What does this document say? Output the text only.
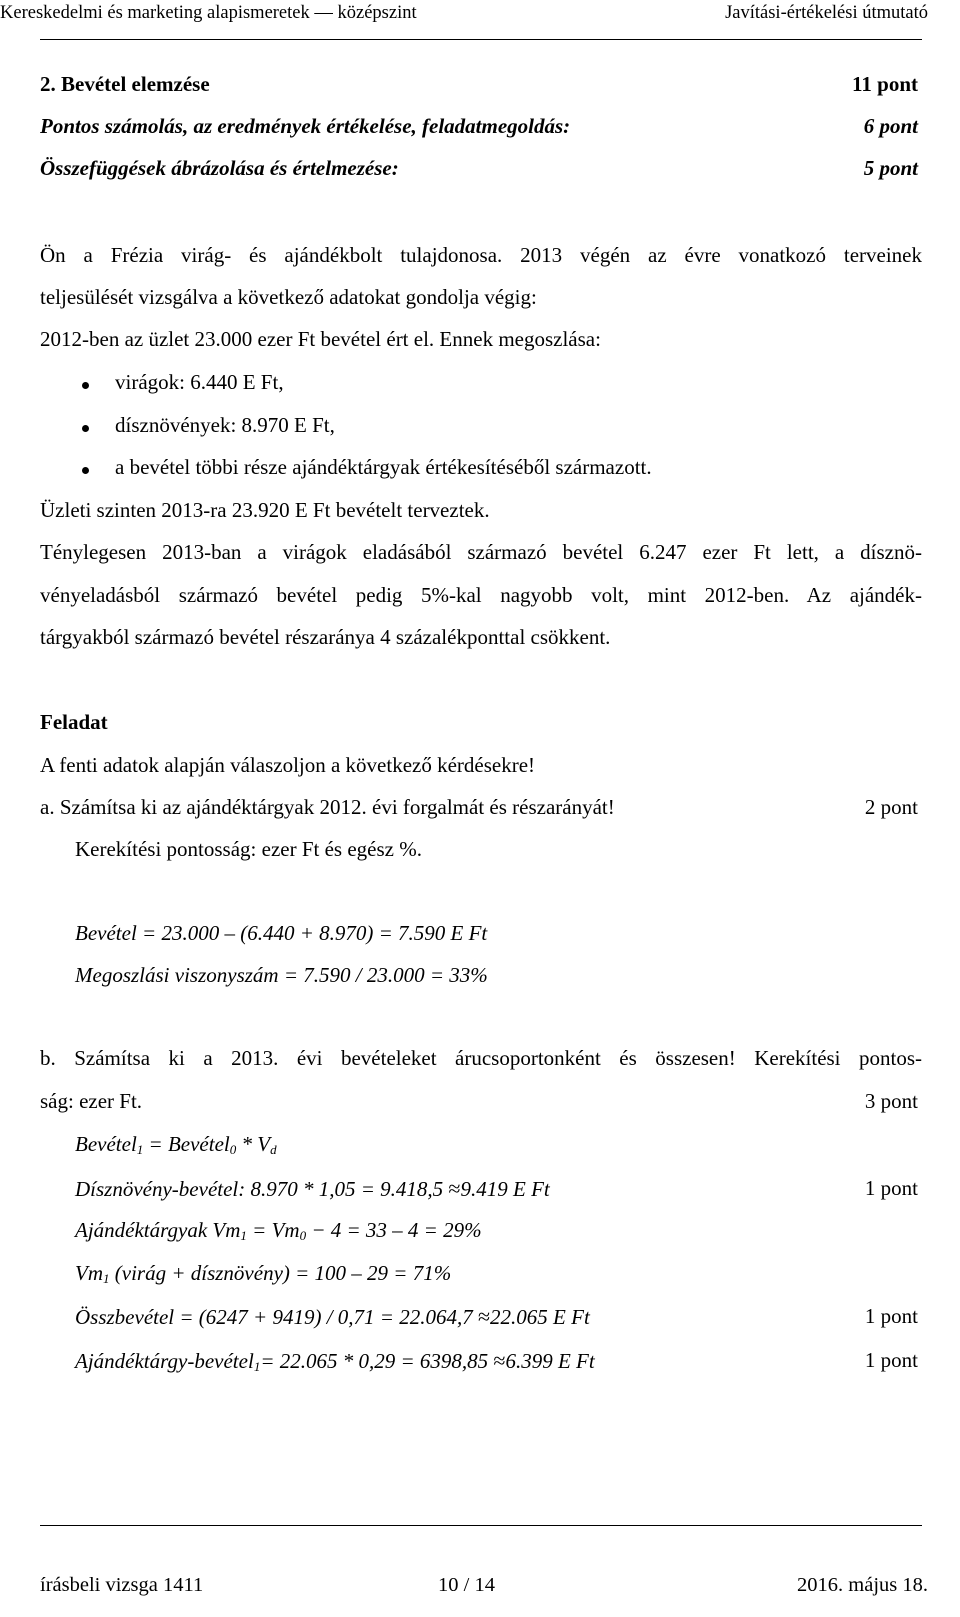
Kereskedelmi és marketing alapismeretek — középszint	Javítási-értékelési útmutató
2. Bevétel elemzése	11 pont
Pontos számolás, az eredmények értékelése, feladatmegoldás:	6 pont
Összefüggések ábrázolása és értelmezése:	5 pont
Ön a Frézia virág- és ajándékbolt tulajdonosa. 2013 végén az évre vonatkozó terveinek
teljesülését vizsgálva a következő adatokat gondolja végig:
2012-ben az üzlet 23.000 ezer Ft bevétel ért el. Ennek megoszlása:
virágok: 6.440 E Ft,
dísznövények: 8.970 E Ft,
a bevétel többi része ajándéktárgyak értékesítéséből származott.
Üzleti szinten 2013-ra 23.920 E Ft bevételt terveztek.
Ténylegesen 2013-ban a virágok eladásából származó bevétel 6.247 ezer Ft lett, a dísznö-
vényeladásból származó bevétel pedig 5%-kal nagyobb volt, mint 2012-ben. Az ajándék-
tárgyakból származó bevétel részaránya 4 százalékponttal csökkent.
Feladat
A fenti adatok alapján válaszoljon a következő kérdésekre!
a. Számítsa ki az ajándéktárgyak 2012. évi forgalmát és részarányát!	2 pont
Kerekítési pontosság: ezer Ft és egész %.
Bevétel = 23.000 – (6.440 + 8.970) = 7.590 E Ft
Megoszlási viszonyszám = 7.590 / 23.000 = 33%
b. Számítsa ki a 2013. évi bevételeket árucsoportonként és összesen! Kerekítési pontos-
ság: ezer Ft.	3 pont
Bevétel$_1$ = Bevétel$_0$ * $V_d$
Dísznövény-bevétel: 8.970 * 1,05 = 9.418,5 ≈9.419 E Ft	1 pont
Ajándéktárgyak $Vm_1 = Vm_0 - 4 = 33 - 4 = 29\%$
$Vm_1$ (virág + dísznövény) = 100 – 29 = 71%
Összbevétel = (6247 + 9419) / 0,71 = 22.064,7 ≈22.065 E Ft	1 pont
Ajándéktárgy-bevétel$_1$= 22.065 * 0,29 = 6398,85 ≈6.399 E Ft	1 pont
írásbeli vizsga 1411	10 / 14	2016. május 18.
